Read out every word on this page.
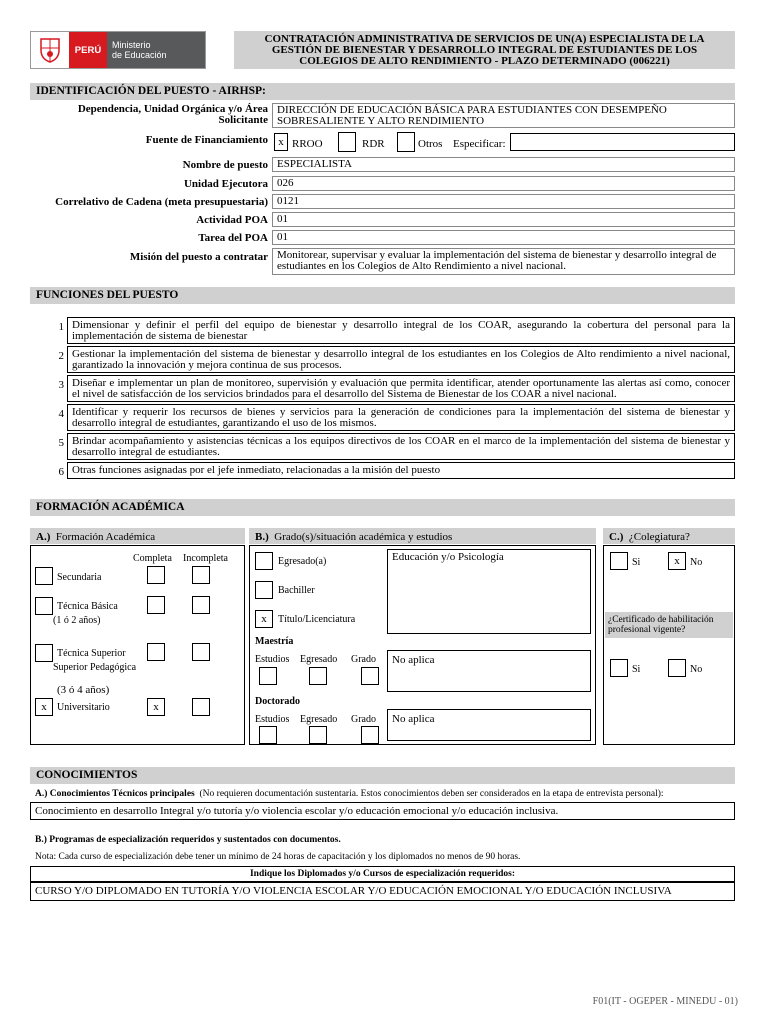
PERÚ Ministerio
de Educación
CONTRATACIÓN ADMINISTRATIVA DE SERVICIOS DE UN(A) ESPECIALISTA DE LA GESTIÓN DE BIENESTAR Y DESARROLLO INTEGRAL DE ESTUDIANTES DE LOS COLEGIOS DE ALTO RENDIMIENTO - PLAZO DETERMINADO (006221)
IDENTIFICACIÓN DEL PUESTO - AIRHSP:
Dependencia, Unidad Orgánica y/o Área
Solicitante
DIRECCIÓN DE EDUCACIÓN BÁSICA PARA ESTUDIANTES CON DESEMPEÑO SOBRESALIENTE Y ALTO RENDIMIENTO
Fuente de Financiamiento x RROO	RDR	Otros Especificar:
Nombre de puesto ESPECIALISTA
Unidad Ejecutora 026
Correlativo de Cadena (meta presupuestaria) 0121
Actividad POA 01
Tarea del POA 01
Misión del puesto a contratar Monitorear, supervisar y evaluar la implementación del sistema de bienestar y desarrollo integral de estudiantes en los Colegios de Alto Rendimiento a nivel nacional.
FUNCIONES DEL PUESTO
1 Dimensionar y definir el perfil del equipo de bienestar y desarrollo integral de los COAR, asegurando la cobertura del personal para la implementación de sistema de bienestar
2 Gestionar la implementación del sistema de bienestar y desarrollo integral de los estudiantes en los Colegios de Alto rendimiento a nivel nacional, garantizado la innovación y mejora continua de sus procesos.
3 Diseñar e implementar un plan de monitoreo, supervisión y evaluación que permita identificar, atender oportunamente las alertas así como, conocer el nivel de satisfacción de los servicios brindados para el desarrollo del Sistema de Bienestar de los COAR a nivel nacional.
4 Identificar y requerir los recursos de bienes y servicios para la generación de condiciones para la implementación del sistema de bienestar y desarrollo integral de estudiantes, garantizando el uso de los mismos.
5 Brindar acompañamiento y asistencias técnicas a los equipos directivos de los COAR en el marco de la implementación del sistema de bienestar y desarrollo integral de estudiantes.
6 Otras funciones asignadas por el jefe inmediato, relacionadas a la misión del puesto
FORMACIÓN ACADÉMICA
A.) Formación Académica	B.) Grado(s)/situación académica y estudios	C.) ¿Colegiatura?
Completa Incompleta
Secundaria
Técnica Básica
(1 ó 2 años)
Técnica Superior
Superior Pedagógica
(3 ó 4 años)
x	Universitario	x
Egresado(a)
Bachiller
x	Título/Licenciatura
Educación y/o Psicología
Maestría
Estudios Egresado Grado	No aplica
Doctorado
Estudios Egresado Grado	No aplica
Si	x	No
¿Certificado de habilitación profesional vigente?
Si	No
CONOCIMIENTOS
A.) Conocimientos Técnicos principales (No requieren documentación sustentaria. Estos conocimientos deben ser considerados en la etapa de entrevista personal):
Conocimiento en desarrollo Integral y/o tutoría y/o violencia escolar y/o educación emocional y/o educación inclusiva.
B.) Programas de especialización requeridos y sustentados con documentos.
Nota: Cada curso de especialización debe tener un mínimo de 24 horas de capacitación y los diplomados no menos de 90 horas.
Indique los Diplomados y/o Cursos de especialización requeridos:
CURSO Y/O DIPLOMADO EN TUTORÍA Y/O VIOLENCIA ESCOLAR Y/O EDUCACIÓN EMOCIONAL Y/O EDUCACIÓN INCLUSIVA
F01(IT - OGEPER - MINEDU - 01)
